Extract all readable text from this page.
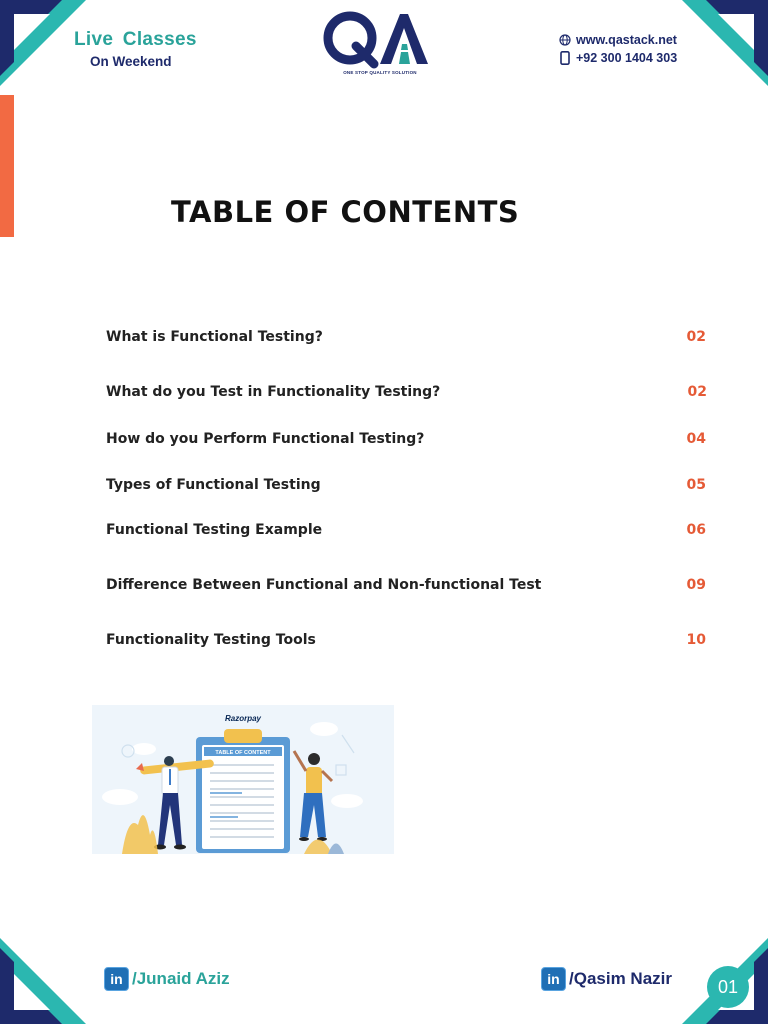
Live Classes
On Weekend
ONE STOP QUALITY SOLUTION
www.qastack.net
+92 300 1404 303
TABLE OF CONTENTS
What is Functional Testing?	02
What do you Test in Functionality Testing?	02
How do you Perform Functional Testing?	04
Types of Functional Testing	05
Functional Testing Example	06
Difference Between Functional and Non-functional Test	09
Functionality Testing Tools	10
Razorpay
TABLE OF CONTENT
in /Junaid Aziz	in /Qasim Nazir	01
